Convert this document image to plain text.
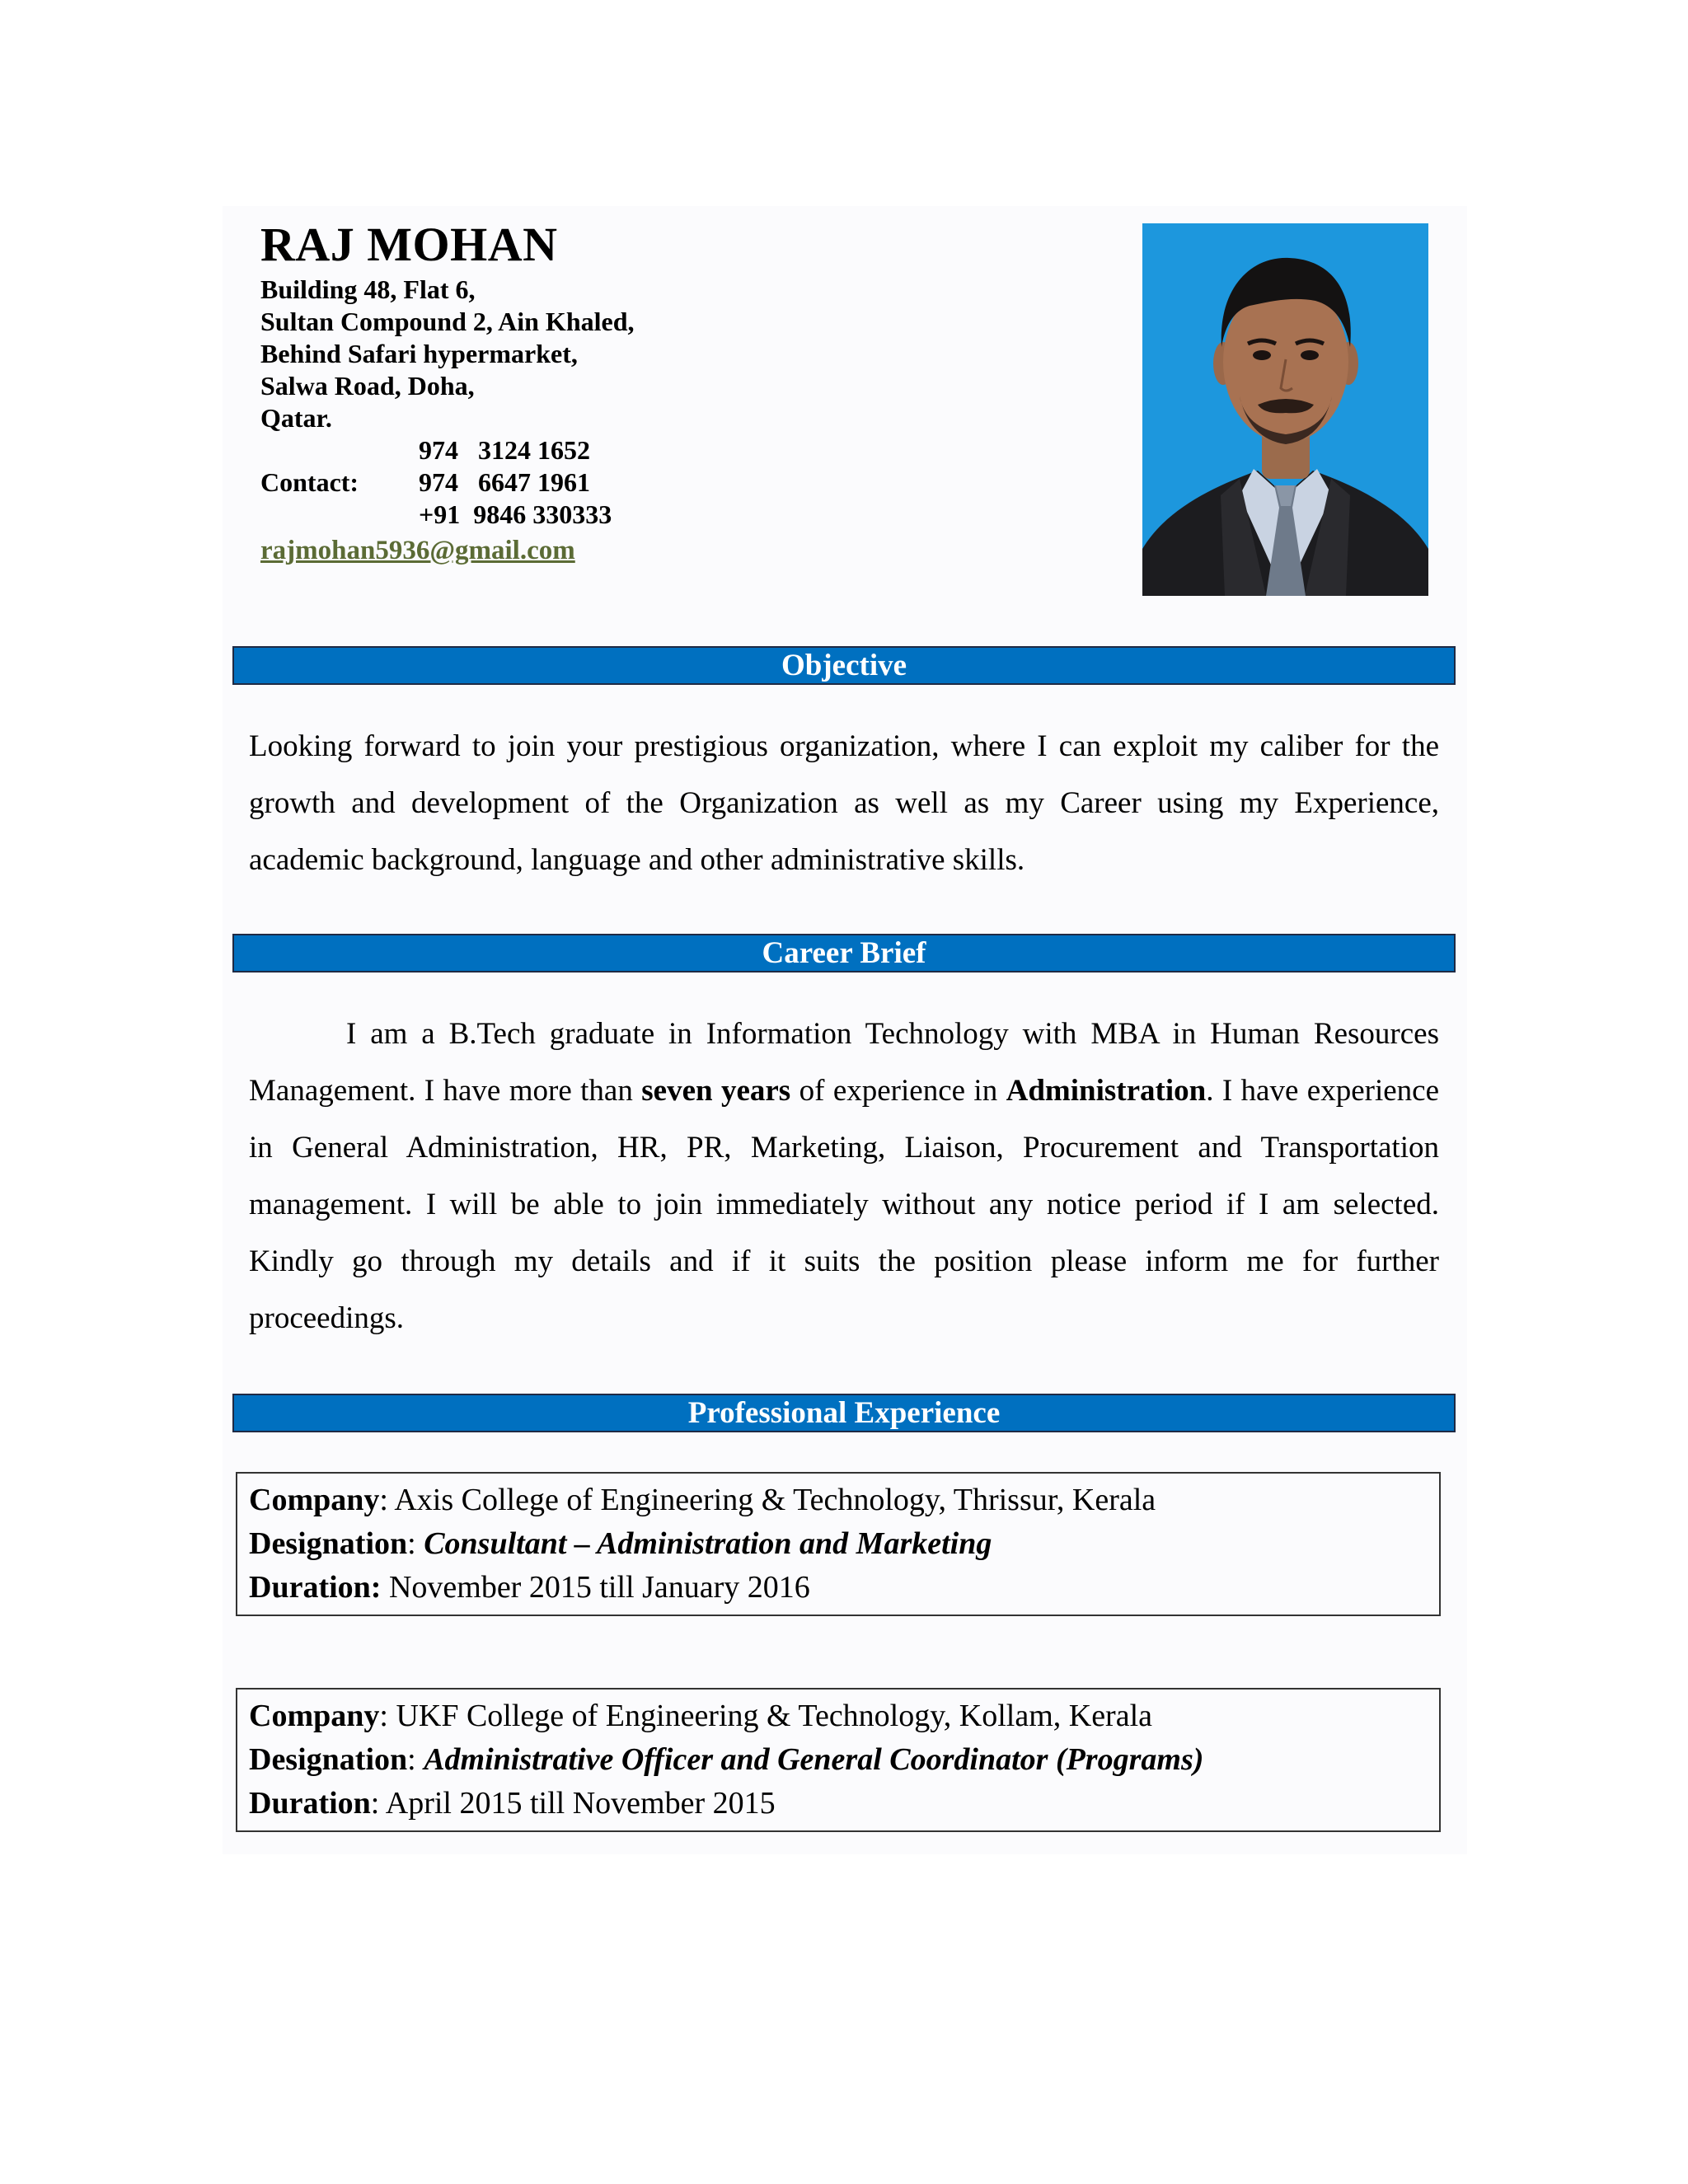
RAJ MOHAN
Building 48, Flat 6,
Sultan Compound 2, Ain Khaled,
Behind Safari hypermarket,
Salwa Road, Doha,
Qatar.
974   3124 1652
Contact:	974   6647 1961
+91  9846 330333
rajmohan5936@gmail.com
Objective
Looking forward to join your prestigious organization, where I can exploit my caliber for the growth and development of the Organization as well as my Career using my Experience, academic background, language and other administrative skills.
Career Brief
I am a B.Tech graduate in Information Technology with MBA in Human Resources Management. I have more than seven years of experience in Administration. I have experience in General Administration, HR, PR, Marketing, Liaison, Procurement and Transportation management. I will be able to join immediately without any notice period if I am selected. Kindly go through my details and if it suits the position please inform me for further proceedings.
Professional Experience
Company: Axis College of Engineering & Technology, Thrissur, Kerala
Designation: Consultant – Administration and Marketing
Duration: November 2015 till January 2016
Company: UKF College of Engineering & Technology, Kollam, Kerala
Designation: Administrative Officer and General Coordinator (Programs)
Duration: April 2015 till November 2015
